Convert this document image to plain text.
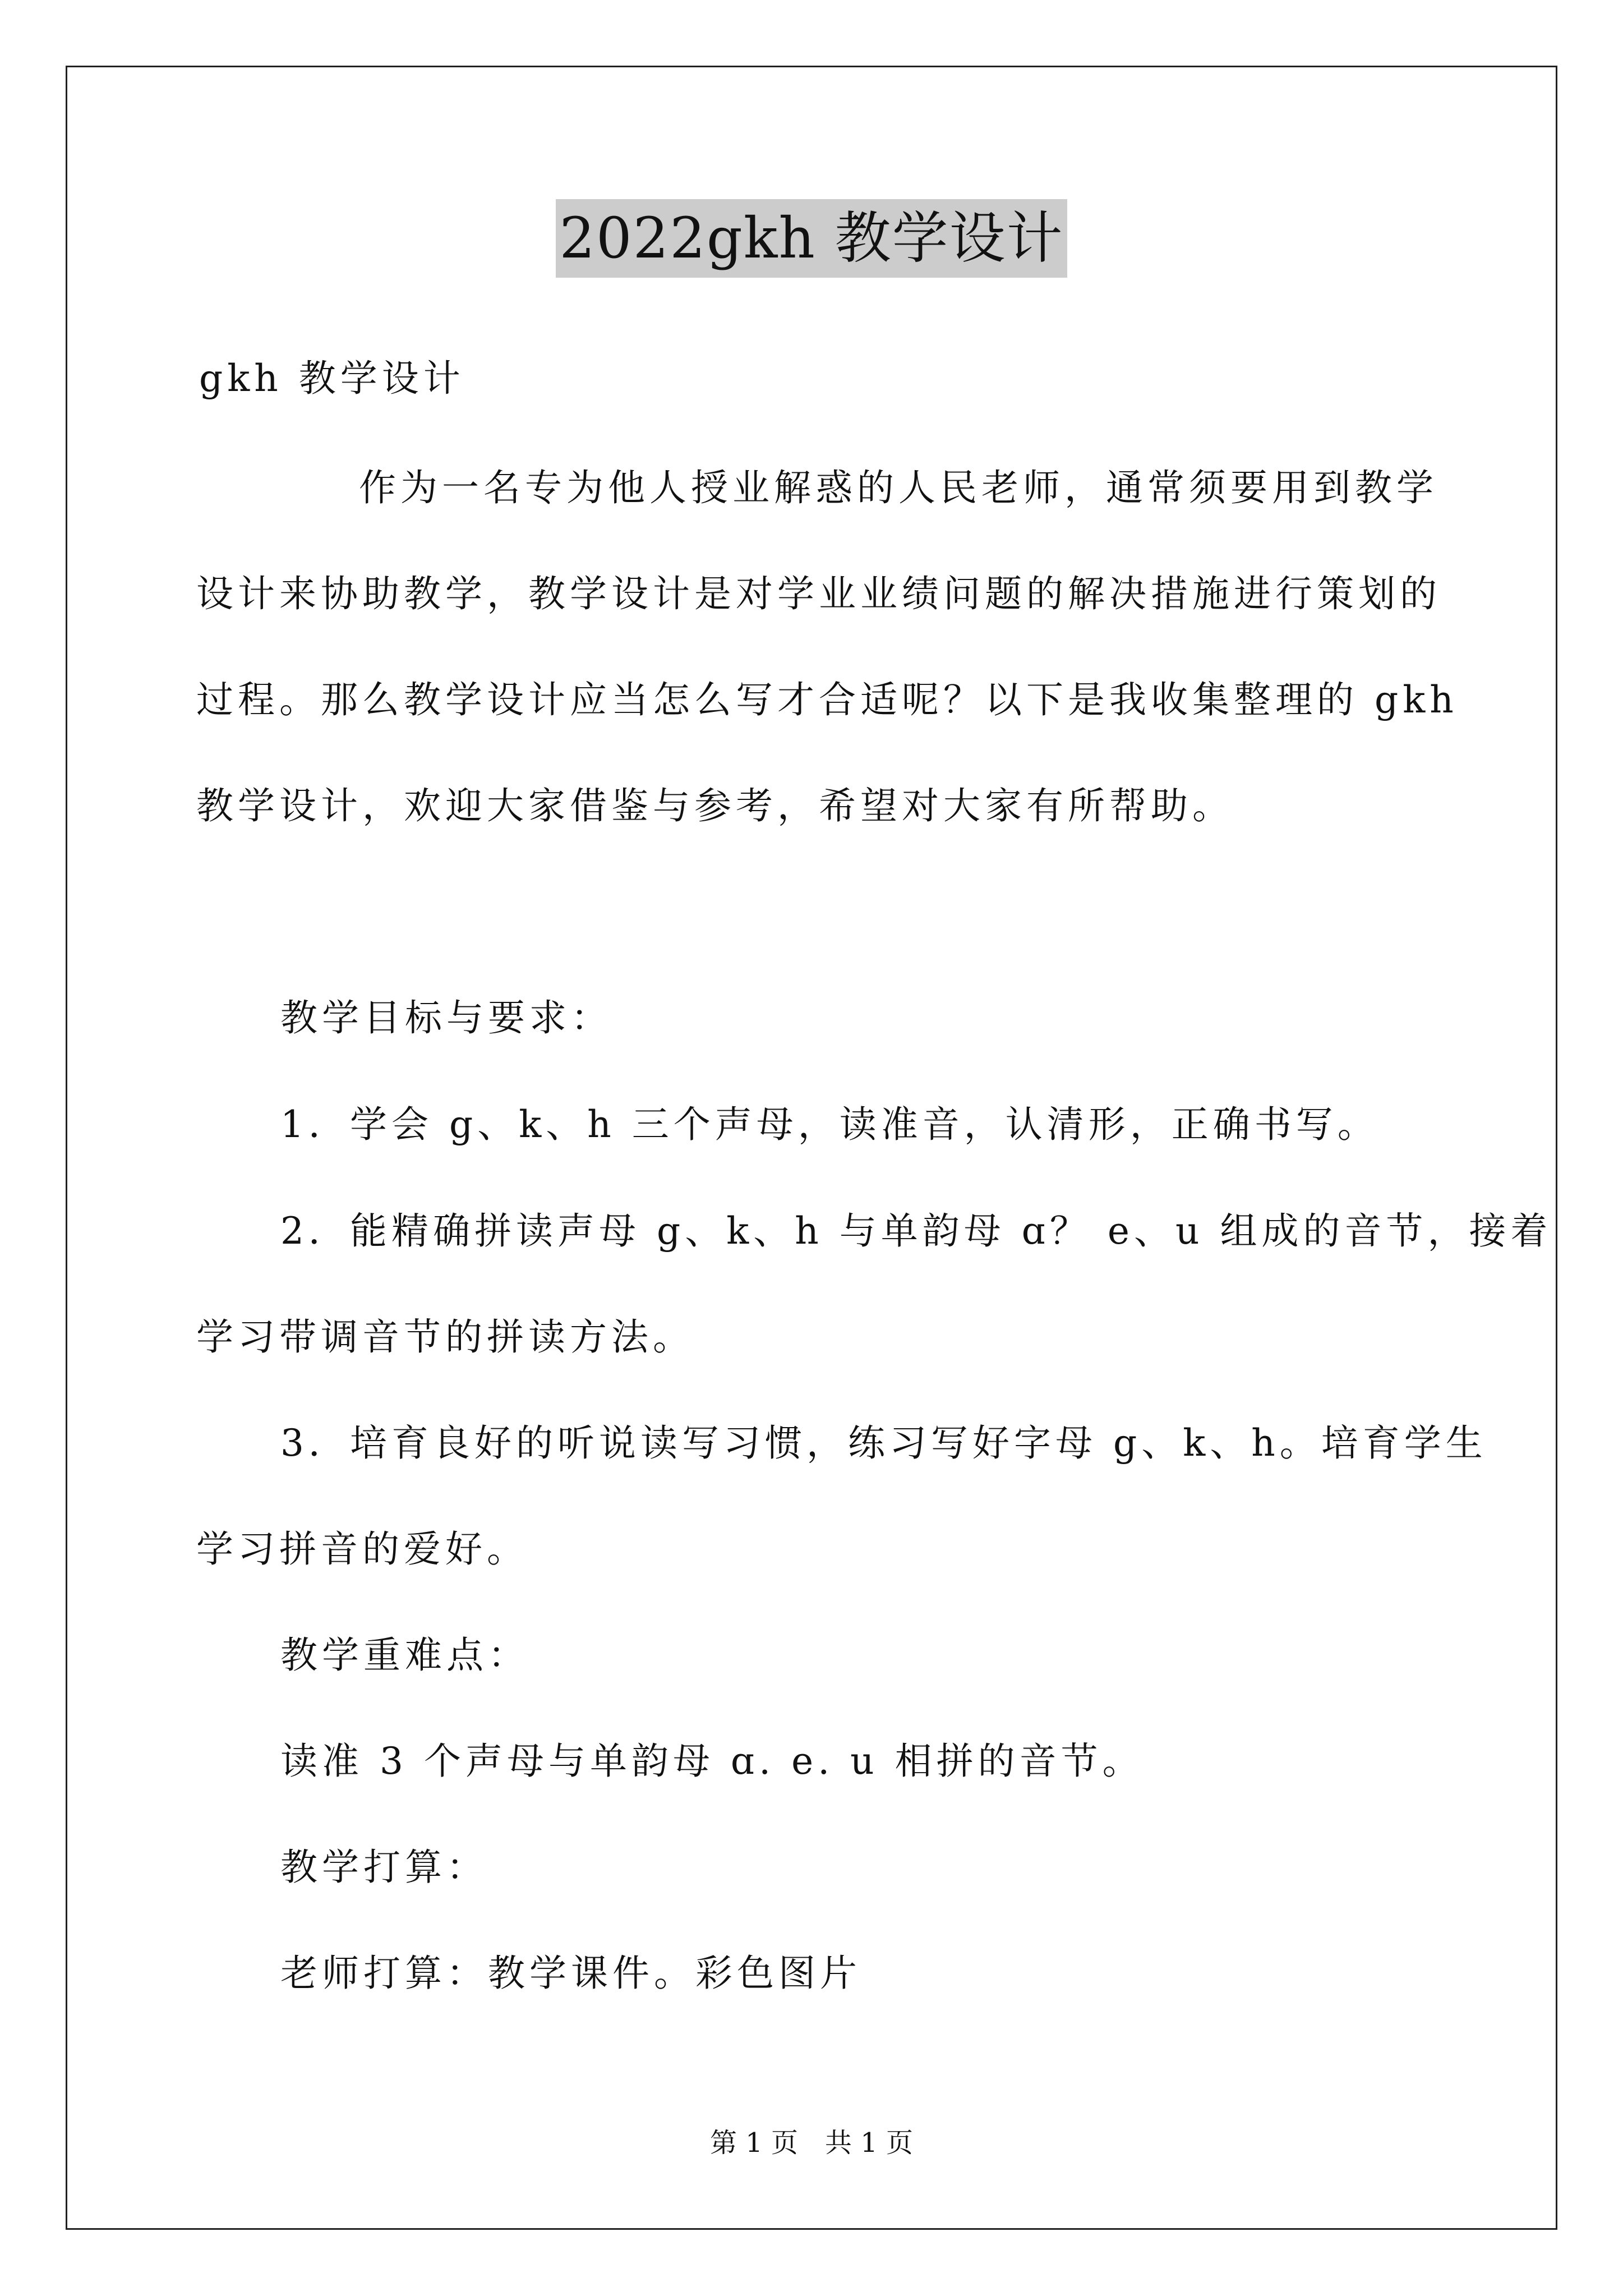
2022gkh 教学设计

gkh 教学设计

作为一名专为他人授业解惑的人民老师，通常须要用到教学
设计来协助教学，教学设计是对学业业绩问题的解决措施进行策划的
过程。那么教学设计应当怎么写才合适呢？以下是我收集整理的 gkh
教学设计，欢迎大家借鉴与参考，希望对大家有所帮助。

教学目标与要求：

1．学会 g、k、h 三个声母，读准音，认清形，正确书写。

2．能精确拼读声母 g、k、h 与单韵母 ɑ？ e、u 组成的音节，接着
学习带调音节的拼读方法。
3．培育良好的听说读写习惯，练习写好字母 g、k、h。培育学生
学习拼音的爱好。

教学重难点：

读准 3 个声母与单韵母 ɑ. e. u 相拼的音节。

教学打算：

老师打算：教学课件。彩色图片

第 1 页　共 1 页
